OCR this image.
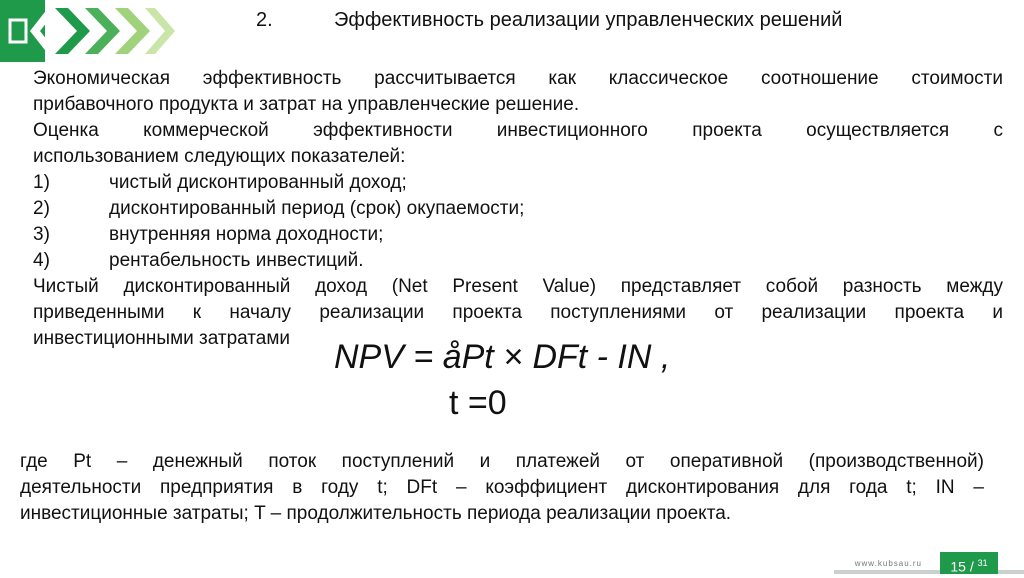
2.	Эффективность реализации управленческих решений
Экономическая эффективность рассчитывается как классическое соотношение стоимости
прибавочного продукта и затрат на управленческие решение.
Оценка коммерческой эффективности инвестиционного проекта осуществляется с
использованием следующих показателей:
1)	чистый дисконтированный доход;
2)	дисконтированный период (срок) окупаемости;
3)	внутренняя норма доходности;
4)	рентабельность инвестиций.
Чистый дисконтированный доход (Net Present Value) представляет собой разность между
приведенными к началу реализации проекта поступлениями от реализации проекта и
инвестиционными затратами	NPV = åPt × DFt - IN ,
t =0
где Pt – денежный поток поступлений и платежей от оперативной (производственной)
деятельности предприятия в году t; DFt – коэффициент дисконтирования для года t; IN –
инвестиционные затраты; T – продолжительность периода реализации проекта.
www.kubsau.ru	15 / $^{31}$
